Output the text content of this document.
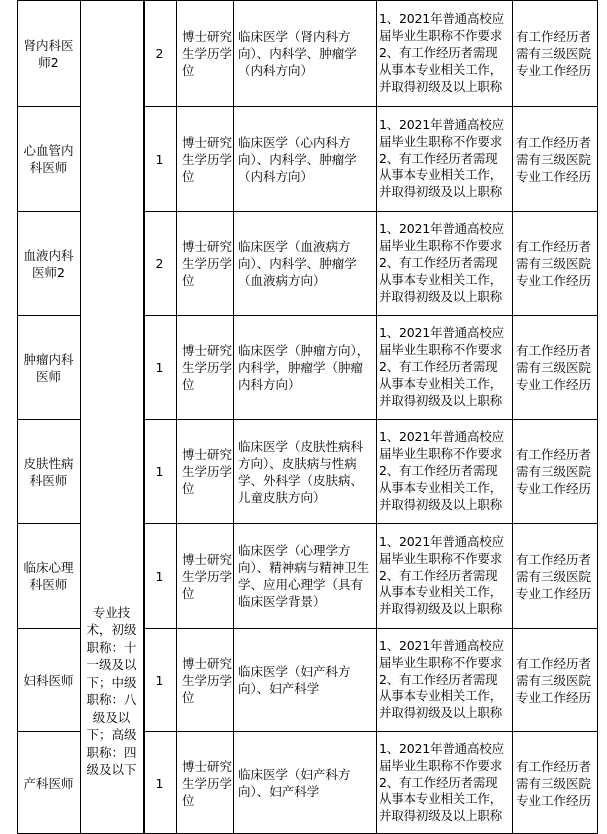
肾内科医师2
2
博士研究生学历学位
临床医学（肾内科方向）、内科学、肿瘤学（内科方向）
1、2021年普通高校应届毕业生职称不作要求 2、有工作经历者需现从事本专业相关工作，并取得初级及以上职称
有工作经历者需有三级医院专业工作经历
心血管内科医师
1
博士研究生学历学位
临床医学（心内科方向）、内科学、肿瘤学（内科方向）
1、2021年普通高校应届毕业生职称不作要求 2、有工作经历者需现从事本专业相关工作，并取得初级及以上职称
有工作经历者需有三级医院专业工作经历
血液内科医师2
2
博士研究生学历学位
临床医学（血液病方向）、内科学、肿瘤学（血液病方向）
1、2021年普通高校应届毕业生职称不作要求 2、有工作经历者需现从事本专业相关工作，并取得初级及以上职称
有工作经历者需有三级医院专业工作经历
肿瘤内科医师
1
博士研究生学历学位
临床医学（肿瘤方向），内科学，肿瘤学（肿瘤内科方向）
1、2021年普通高校应届毕业生职称不作要求 2、有工作经历者需现从事本专业相关工作，并取得初级及以上职称
有工作经历者需有三级医院专业工作经历
皮肤性病科医师
1
博士研究生学历学位
临床医学（皮肤性病科方向）、皮肤病与性病学、外科学（皮肤病、儿童皮肤方向）
1、2021年普通高校应届毕业生职称不作要求 2、有工作经历者需现从事本专业相关工作，并取得初级及以上职称
有工作经历者需有三级医院专业工作经历
临床心理科医师
1
博士研究生学历学位
临床医学（心理学方向）、精神病与精神卫生学、应用心理学（具有临床医学背景）
1、2021年普通高校应届毕业生职称不作要求 2、有工作经历者需现从事本专业相关工作，并取得初级及以上职称
有工作经历者需有三级医院专业工作经历
妇科医师	1
博士研究生学历学位
临床医学（妇产科方向）、妇产科学
1、2021年普通高校应届毕业生职称不作要求 2、有工作经历者需现从事本专业相关工作，并取得初级及以上职称
有工作经历者需有三级医院专业工作经历
产科医师	1
博士研究生学历学位
临床医学（妇产科方向）、妇产科学
1、2021年普通高校应届毕业生职称不作要求 2、有工作经历者需现从事本专业相关工作，并取得初级及以上职称
有工作经历者需有三级医院专业工作经历
专业技术，初级职称：十一级及以下；中级职称：八级及以下；高级职称：四级及以下
